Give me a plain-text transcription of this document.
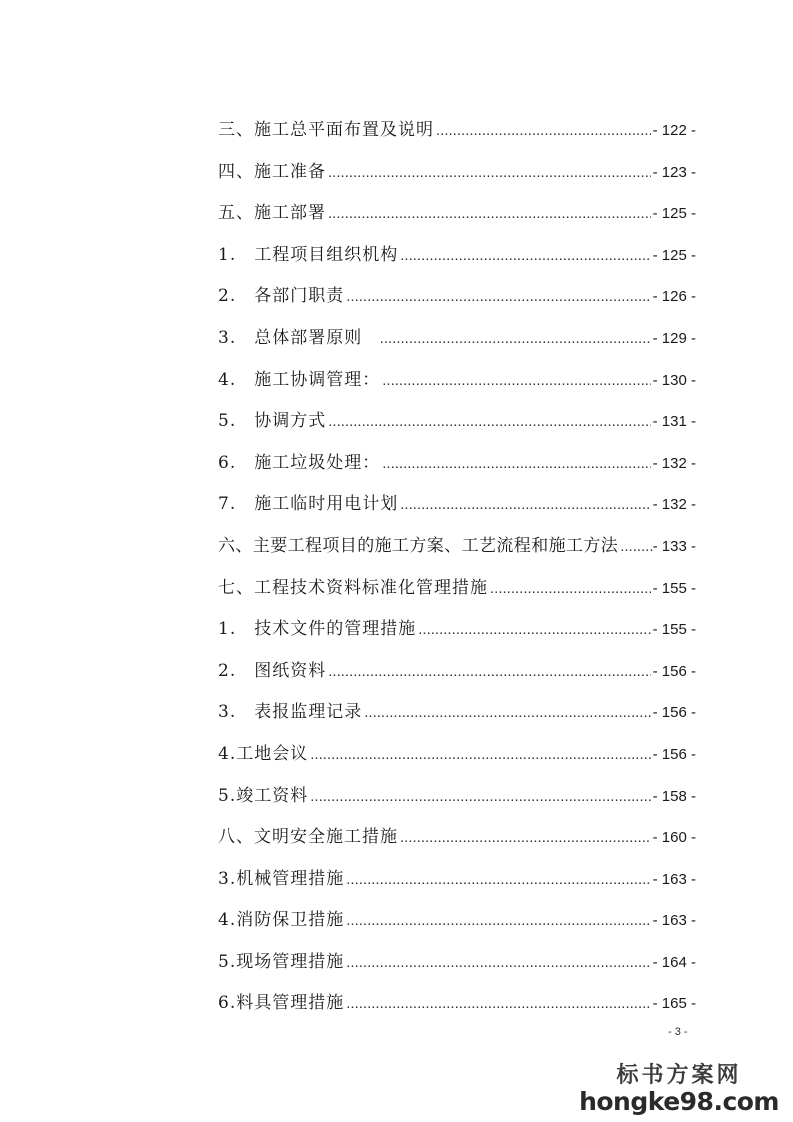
三、施工总平面布置及说明 .....	- 122 -
四、施工准备 .....	- 123 -
五、施工部署 .....	- 125 -
1.　工程项目组织机构 .....	- 125 -
2.　各部门职责 .....	- 126 -
3.　总体部署原则 .....	- 129 -
4.　施工协调管理： .....	- 130 -
5.　协调方式 .....	- 131 -
6.　施工垃圾处理： .....	- 132 -
7.　施工临时用电计划 .....	- 132 -
六、主要工程项目的施工方案、工艺流程和施工方法 ..... - 133 -
七、工程技术资料标准化管理措施 .....	- 155 -
1.　技术文件的管理措施 .....	- 155 -
2.　图纸资料 .....	- 156 -
3.　表报监理记录 .....	- 156 -
4.工地会议 .....	- 156 -
5.竣工资料 .....	- 158 -
八、文明安全施工措施 .....	- 160 -
3.机械管理措施 .....	- 163 -
4.消防保卫措施 .....	- 163 -
5.现场管理措施 .....	- 164 -
6.料具管理措施 .....	- 165 -
- 3 -
标书方案网
hongke98.com
